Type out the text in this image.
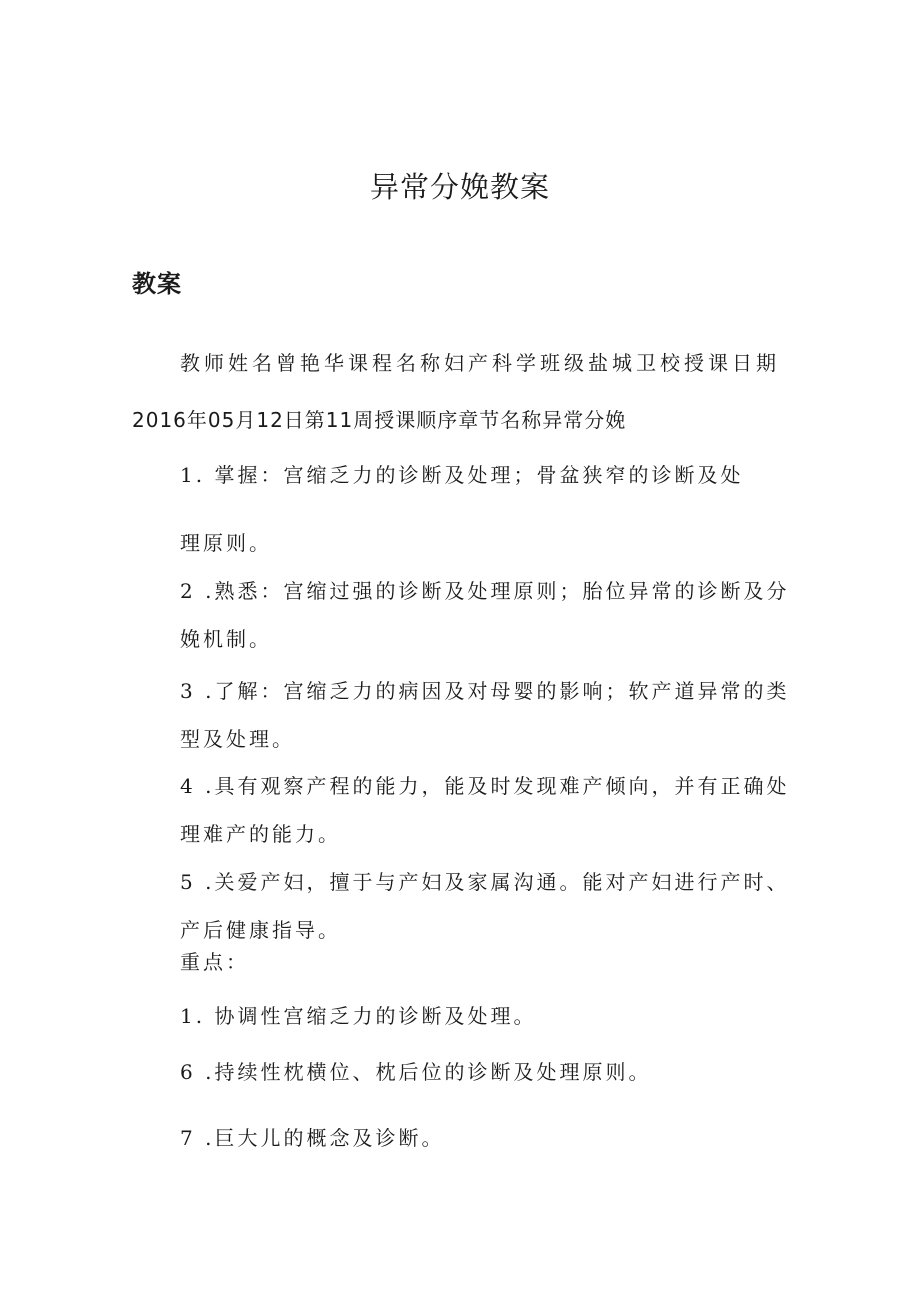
异常分娩教案
教案
教师姓名曾艳华课程名称妇产科学班级盐城卫校授课日期
2016年05月12日第11周授课顺序章节名称异常分娩
1. 掌握：宫缩乏力的诊断及处理；骨盆狭窄的诊断及处
理原则。
2 .熟悉：宫缩过强的诊断及处理原则；胎位异常的诊断及分
娩机制。
3 .了解：宫缩乏力的病因及对母婴的影响；软产道异常的类
型及处理。
4 .具有观察产程的能力，能及时发现难产倾向，并有正确处
理难产的能力。
5 .关爱产妇，擅于与产妇及家属沟通。能对产妇进行产时、
产后健康指导。
重点：
1. 协调性宫缩乏力的诊断及处理。
6 .持续性枕横位、枕后位的诊断及处理原则。
7 .巨大儿的概念及诊断。
